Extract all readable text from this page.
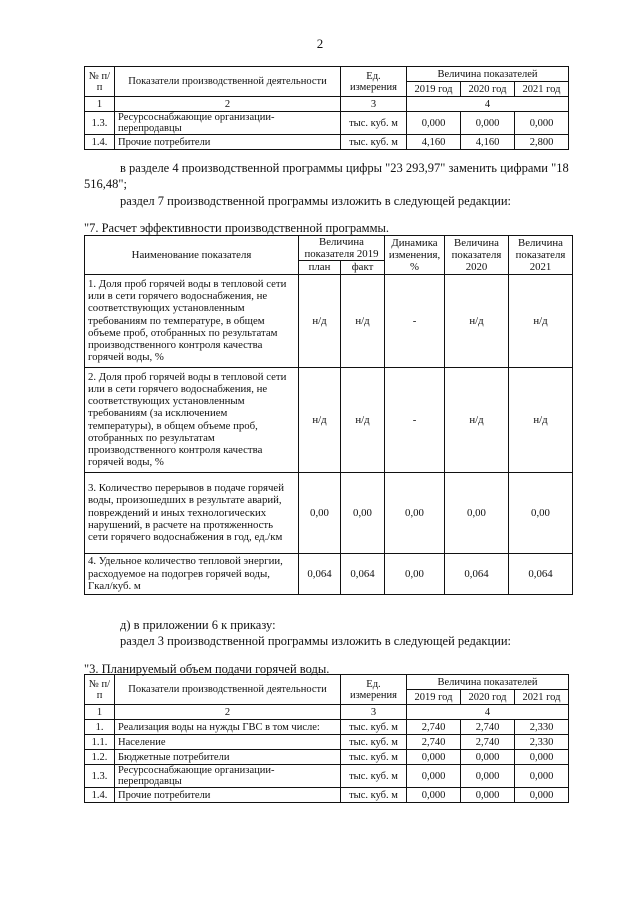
2
№ п/п	Показатели производственной деятельности	Ед. измерения	Величина показателей		
			2019 год	2020 год	2021 год
1	2	3	4		
1.3.	Ресурсоснабжающие организации-перепродавцы	тыс. куб. м	0,000	0,000	0,000
1.4.	Прочие потребители	тыс. куб. м	4,160	4,160	2,800
в разделе 4 производственной программы цифры "23 293,97" заменить цифрами "18 516,48";
раздел 7 производственной программы изложить в следующей редакции:
"7. Расчет эффективности производственной программы.
Наименование показателя	Величина показателя 2019		Динамика изменения, %	Величина показателя 2020	Величина показателя 2021
	план	факт			
1. Доля проб горячей воды в тепловой сети или в сети горячего водоснабжения, не соответствующих установленным требованиям по температуре, в общем объеме проб, отобранных по результатам производственного контроля качества горячей воды, %	н/д	н/д	-	н/д	н/д
2. Доля проб горячей воды в тепловой сети или в сети горячего водоснабжения, не соответствующих установленным требованиям (за исключением температуры), в общем объеме проб, отобранных по результатам производственного контроля качества горячей воды, %	н/д	н/д	-	н/д	н/д
3. Количество перерывов в подаче горячей воды, произошедших в результате аварий, повреждений и иных технологических нарушений, в расчете на протяженность сети горячего водоснабжения в год, ед./км	0,00	0,00	0,00	0,00	0,00
4. Удельное количество тепловой энергии, расходуемое на подогрев горячей воды, Гкал/куб. м	0,064	0,064	0,00	0,064	0,064
д) в приложении 6 к приказу:
раздел 3 производственной программы изложить в следующей редакции:
"3. Планируемый объем подачи горячей воды.
№ п/п	Показатели производственной деятельности	Ед. измерения	Величина показателей		
			2019 год	2020 год	2021 год
1	2	3	4		
1.	Реализация воды на нужды ГВС в том числе:	тыс. куб. м	2,740	2,740	2,330
1.1.	Население	тыс. куб. м	2,740	2,740	2,330
1.2.	Бюджетные потребители	тыс. куб. м	0,000	0,000	0,000
1.3.	Ресурсоснабжающие организации-перепродавцы	тыс. куб. м	0,000	0,000	0,000
1.4.	Прочие потребители	тыс. куб. м	0,000	0,000	0,000
